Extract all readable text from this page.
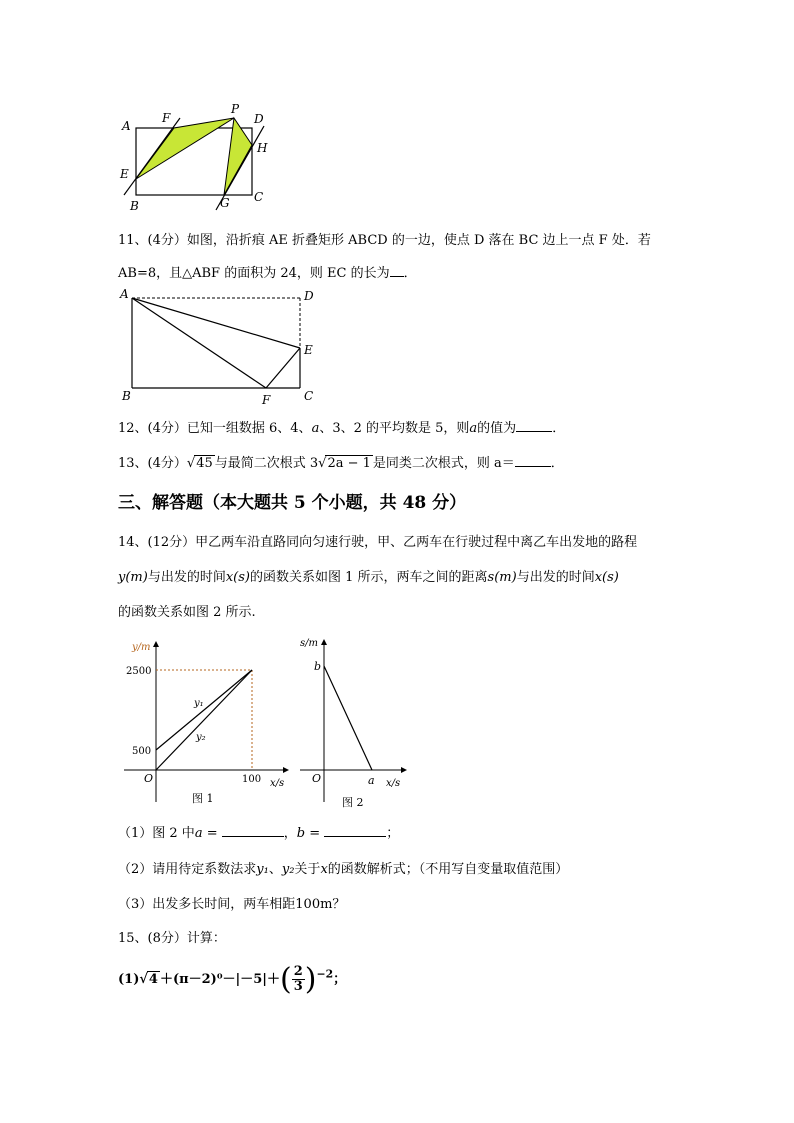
A
F
P
D
H
E
B	G C
11、(4分）如图，沿折痕 AE 折叠矩形 ABCD 的一边，使点 D 落在 BC 边上一点 F 处．若
AB=8，且△ABF 的面积为 24，则 EC 的长为 ．
A	D
E
B	F	C
12、(4分）已知一组数据 6、4、a、3、2 的平均数是 5，则a的值为	．
13、(4分）√45 与最简二次根式 3√2a − 1 是同类二次根式，则 a＝	．
三、解答题（本大题共 5 个小题，共 48 分）
14、(12分）甲乙两车沿直路同向匀速行驶，甲、乙两车在行驶过程中离乙车出发地的路程
y(m)与出发的时间x(s)的函数关系如图 1 所示，两车之间的距离s(m)与出发的时间x(s)
的函数关系如图 2 所示.
y/m
2500
500
O	100 x/s
y₁
y₂
图 1
s/m
b
O	a x/s
图 2
（1）图 2 中a =	，b =	；
（2）请用待定系数法求y₁、y₂关于x的函数解析式；（不用写自变量取值范围）
（3）出发多长时间，两车相距100m？
15、(8分）计算：
$(1)√4 +(\pi-2)^0-|-5|+( \frac{2}{3} )^{-2}$；
